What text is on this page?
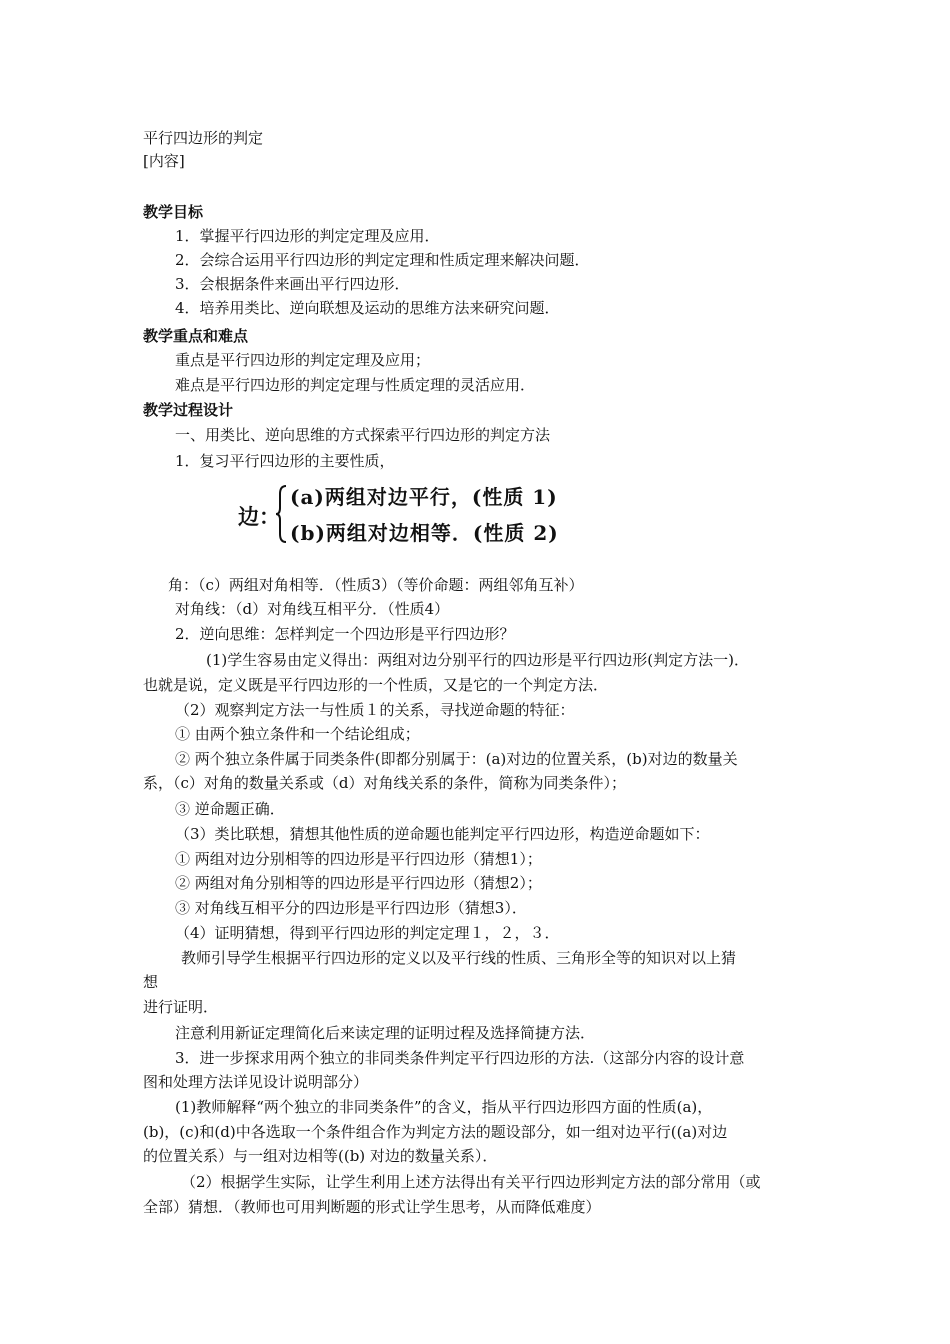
平行四边形的判定
[内容]
教学目标
1．掌握平行四边形的判定定理及应用．
2．会综合运用平行四边形的判定定理和性质定理来解决问题．
3．会根据条件来画出平行四边形．
4．培养用类比、逆向联想及运动的思维方法来研究问题．
教学重点和难点
重点是平行四边形的判定定理及应用；
难点是平行四边形的判定定理与性质定理的灵活应用．
教学过程设计
一、用类比、逆向思维的方式探索平行四边形的判定方法
1．复习平行四边形的主要性质，
边：
(a)两组对边平行，(性质 1)
(b)两组对边相等．(性质 2)
角：（c）两组对角相等．（性质3）（等价命题：两组邻角互补）
对角线：（d）对角线互相平分．（性质4）
2．逆向思维：怎样判定一个四边形是平行四边形？
(1)学生容易由定义得出：两组对边分别平行的四边形是平行四边形(判定方法一)．
也就是说，定义既是平行四边形的一个性质，又是它的一个判定方法．
（2）观察判定方法一与性质１的关系，寻找逆命题的特征：
① 由两个独立条件和一个结论组成；
② 两个独立条件属于同类条件(即都分别属于：(a)对边的位置关系，(b)对边的数量关
系，（c）对角的数量关系或（d）对角线关系的条件，简称为同类条件）；
③ 逆命题正确．
（3）类比联想，猜想其他性质的逆命题也能判定平行四边形，构造逆命题如下：
① 两组对边分别相等的四边形是平行四边形（猜想1）；
② 两组对角分别相等的四边形是平行四边形（猜想2）；
③ 对角线互相平分的四边形是平行四边形（猜想3）．
（4）证明猜想，得到平行四边形的判定定理１，２，３．
教师引导学生根据平行四边形的定义以及平行线的性质、三角形全等的知识对以上猜
想
进行证明．
注意利用新证定理简化后来读定理的证明过程及选择简捷方法．
3．进一步探求用两个独立的非同类条件判定平行四边形的方法.（这部分内容的设计意
图和处理方法详见设计说明部分）
(1)教师解释“两个独立的非同类条件”的含义，指从平行四边形四方面的性质(a)，
(b)，(c)和(d)中各选取一个条件组合作为判定方法的题设部分，如一组对边平行((a)对边
的位置关系）与一组对边相等((b) 对边的数量关系）．
（2）根据学生实际，让学生利用上述方法得出有关平行四边形判定方法的部分常用（或
全部）猜想．（教师也可用判断题的形式让学生思考，从而降低难度）
